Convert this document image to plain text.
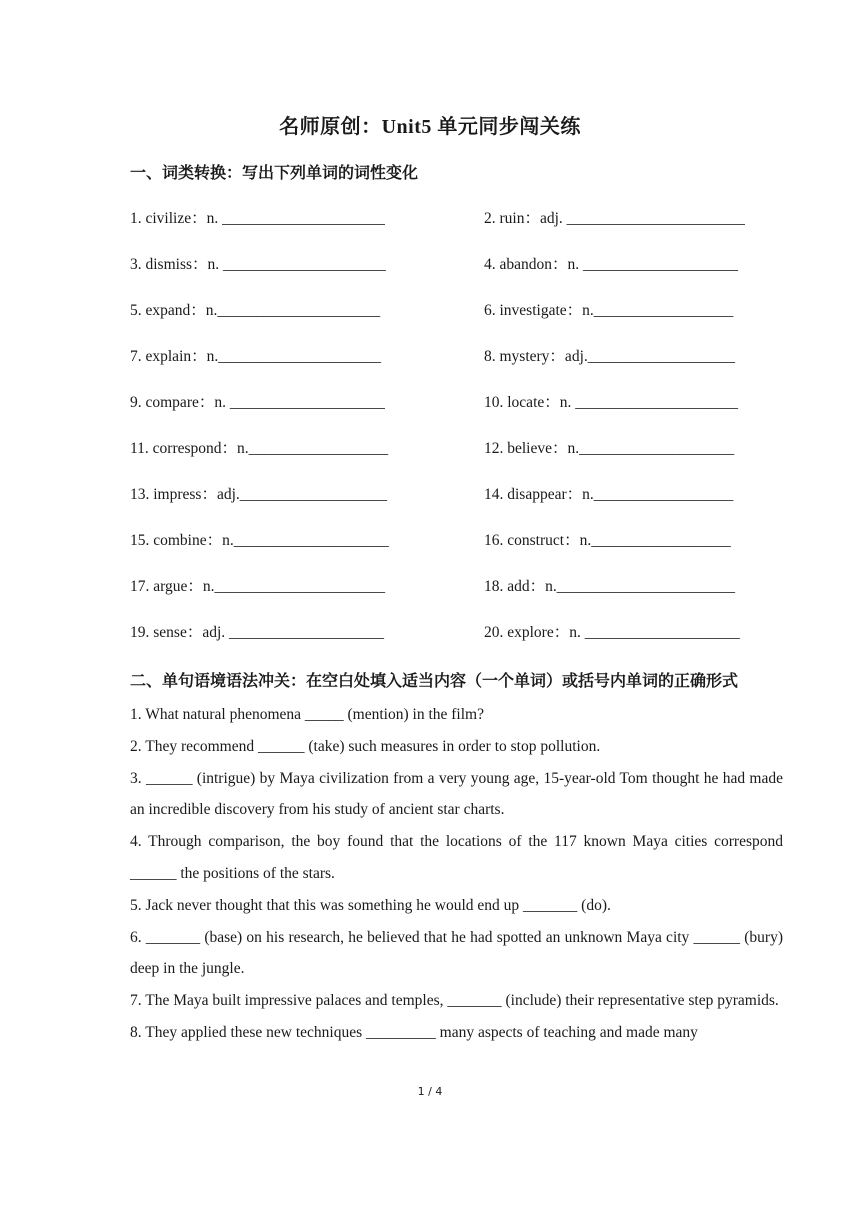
名师原创：Unit5 单元同步闯关练
一、词类转换：写出下列单词的词性变化
1. civilize：n. _____________________	2. ruin：adj. _______________________
3. dismiss：n. _____________________	4. abandon：n. ____________________
5. expand：n._____________________	6. investigate：n.__________________
7. explain：n._____________________	8. mystery：adj.___________________
9. compare：n. ____________________	10. locate：n. _____________________
11. correspond：n.__________________	12. believe：n.____________________
13. impress：adj.___________________	14. disappear：n.__________________
15. combine：n.____________________	16. construct：n.__________________
17. argue：n.______________________	18. add：n._______________________
19. sense：adj. ____________________	20. explore：n. ____________________
二、单句语境语法冲关：在空白处填入适当内容（一个单词）或括号内单词的正确形式
1. What natural phenomena _____ (mention) in the film?
2. They recommend ______ (take) such measures in order to stop pollution.
3. ______ (intrigue) by Maya civilization from a very young age, 15-year-old Tom thought he had made an incredible discovery from his study of ancient star charts.
4. Through comparison, the boy found that the locations of the 117 known Maya cities correspond ______ the positions of the stars.
5. Jack never thought that this was something he would end up _______ (do).
6. _______ (base) on his research, he believed that he had spotted an unknown Maya city ______ (bury) deep in the jungle.
7. The Maya built impressive palaces and temples, _______ (include) their representative step pyramids.
8. They applied these new techniques _________ many aspects of teaching and made many
1 / 4
